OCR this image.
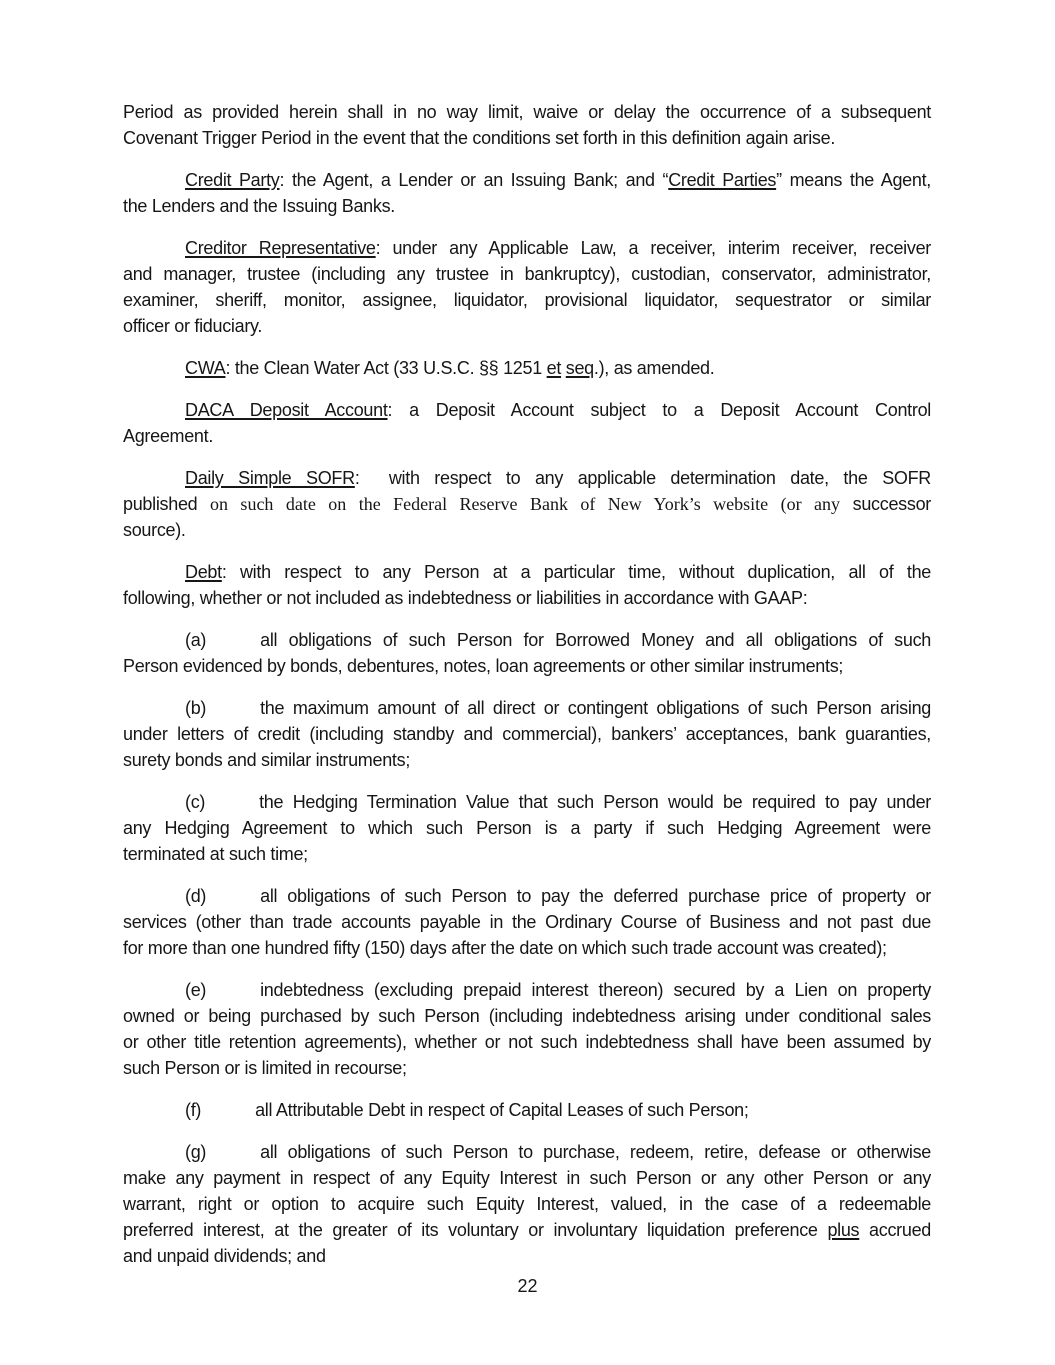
Period as provided herein shall in no way limit, waive or delay the occurrence of a subsequent
Covenant Trigger Period in the event that the conditions set forth in this definition again arise.
Credit Party: the Agent, a Lender or an Issuing Bank; and “Credit Parties” means the Agent,
the Lenders and the Issuing Banks.
Creditor Representative: under any Applicable Law, a receiver, interim receiver, receiver
and manager, trustee (including any trustee in bankruptcy), custodian, conservator, administrator,
examiner, sheriff, monitor, assignee, liquidator, provisional liquidator, sequestrator or similar
officer or fiduciary.
CWA: the Clean Water Act (33 U.S.C. §§ 1251 et seq.), as amended.
DACA Deposit Account: a Deposit Account subject to a Deposit Account Control
Agreement.
Daily Simple SOFR:  with respect to any applicable determination date, the SOFR
published on such date on the Federal Reserve Bank of New York’s website (or any successor
source).
Debt: with respect to any Person at a particular time, without duplication, all of the
following, whether or not included as indebtedness or liabilities in accordance with GAAP:
(a)	all obligations of such Person for Borrowed Money and all obligations of such
Person evidenced by bonds, debentures, notes, loan agreements or other similar instruments;
(b)	the maximum amount of all direct or contingent obligations of such Person arising
under letters of credit (including standby and commercial), bankers’ acceptances, bank guaranties,
surety bonds and similar instruments;
(c)	the Hedging Termination Value that such Person would be required to pay under
any Hedging Agreement to which such Person is a party if such Hedging Agreement were
terminated at such time;
(d)	all obligations of such Person to pay the deferred purchase price of property or
services (other than trade accounts payable in the Ordinary Course of Business and not past due
for more than one hundred fifty (150) days after the date on which such trade account was created);
(e)	indebtedness (excluding prepaid interest thereon) secured by a Lien on property
owned or being purchased by such Person (including indebtedness arising under conditional sales
or other title retention agreements), whether or not such indebtedness shall have been assumed by
such Person or is limited in recourse;
(f)	all Attributable Debt in respect of Capital Leases of such Person;
(g)	all obligations of such Person to purchase, redeem, retire, defease or otherwise
make any payment in respect of any Equity Interest in such Person or any other Person or any
warrant, right or option to acquire such Equity Interest, valued, in the case of a redeemable
preferred interest, at the greater of its voluntary or involuntary liquidation preference plus accrued
and unpaid dividends; and
22
